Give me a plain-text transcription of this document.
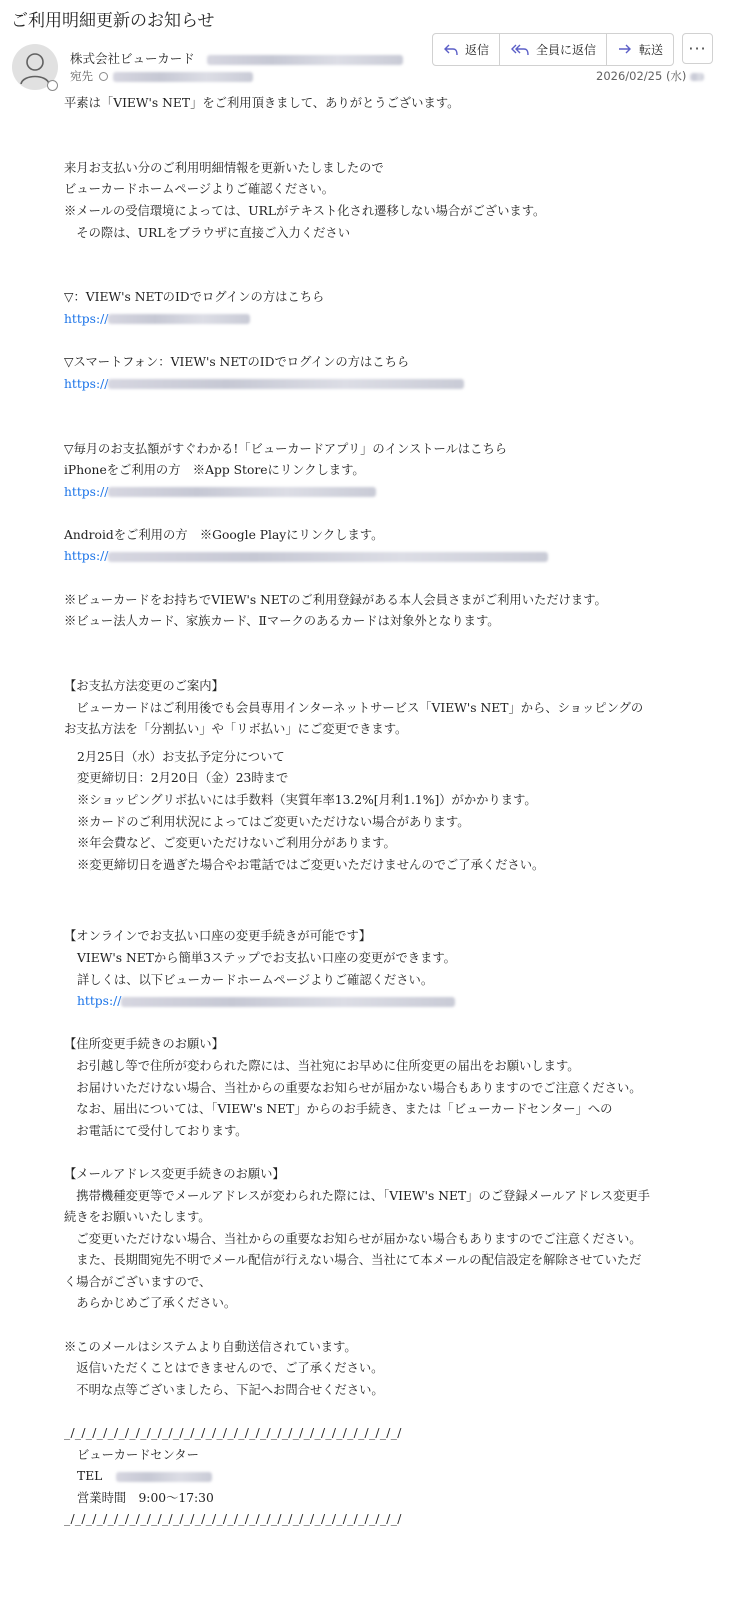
ご利用明細更新のお知らせ
株式会社ビューカード
宛先
返信	全員に返信	転送 ···
2026/02/25 (水)

平素は「VIEW's NET」をご利用頂きまして、ありがとうございます。

来月お支払い分のご利用明細情報を更新いたしましたので

ビューカードホームページよりご確認ください。

※メールの受信環境によっては、URLがテキスト化され遷移しない場合がございます。

　その際は、URLをブラウザに直接ご入力ください

▽：VIEW's NETのIDでログインの方はこちら

https://

▽スマートフォン：VIEW's NETのIDでログインの方はこちら

https://

▽毎月のお支払額がすぐわかる!「ビューカードアプリ」のインストールはこちら

iPhoneをご利用の方　※App Storeにリンクします。

https://

Androidをご利用の方　※Google Playにリンクします。

https://

※ビューカードをお持ちでVIEW's NETのご利用登録がある本人会員さまがご利用いただけます。

※ビュー法人カード、家族カード、Ⅱマークのあるカードは対象外となります。

【お支払方法変更のご案内】

　ビューカードはご利用後でも会員専用インターネットサービス「VIEW's NET」から、ショッピングのお支払方法を「分割払い」や「リボ払い」にご変更できます。

2月25日（水）お支払予定分について

変更締切日：2月20日（金）23時まで

※ショッピングリボ払いには手数料（実質年率13.2%[月利1.1%]）がかかります。

※カードのご利用状況によってはご変更いただけない場合があります。

※年会費など、ご変更いただけないご利用分があります。

※変更締切日を過ぎた場合やお電話ではご変更いただけませんのでご了承ください。

【オンラインでお支払い口座の変更手続きが可能です】

VIEW's NETから簡単3ステップでお支払い口座の変更ができます。

詳しくは、以下ビューカードホームページよりご確認ください。

https://

【住所変更手続きのお願い】

　お引越し等で住所が変わられた際には、当社宛にお早めに住所変更の届出をお願いします。
　お届けいただけない場合、当社からの重要なお知らせが届かない場合もありますのでご注意ください。
　なお、届出については、「VIEW's NET」からのお手続き、または「ビューカードセンター」への
　お電話にて受付しております。

【メールアドレス変更手続きのお願い】

　携帯機種変更等でメールアドレスが変わられた際には、「VIEW's NET」のご登録メールアドレス変更手続きをお願いいたします。
　ご変更いただけない場合、当社からの重要なお知らせが届かない場合もありますのでご注意ください。
　また、長期間宛先不明でメール配信が行えない場合、当社にて本メールの配信設定を解除させていただく場合がございますので、
　あらかじめご了承ください。

※このメールはシステムより自動送信されています。

　返信いただくことはできませんので、ご了承ください。

　不明な点等ございましたら、下記へお問合せください。

_/_/_/_/_/_/_/_/_/_/_/_/_/_/_/_/_/_/_/_/_/_/_/_/_/_/_/_/_/_/_/

ビューカードセンター

TEL

営業時間　9:00～17:30

_/_/_/_/_/_/_/_/_/_/_/_/_/_/_/_/_/_/_/_/_/_/_/_/_/_/_/_/_/_/_/
